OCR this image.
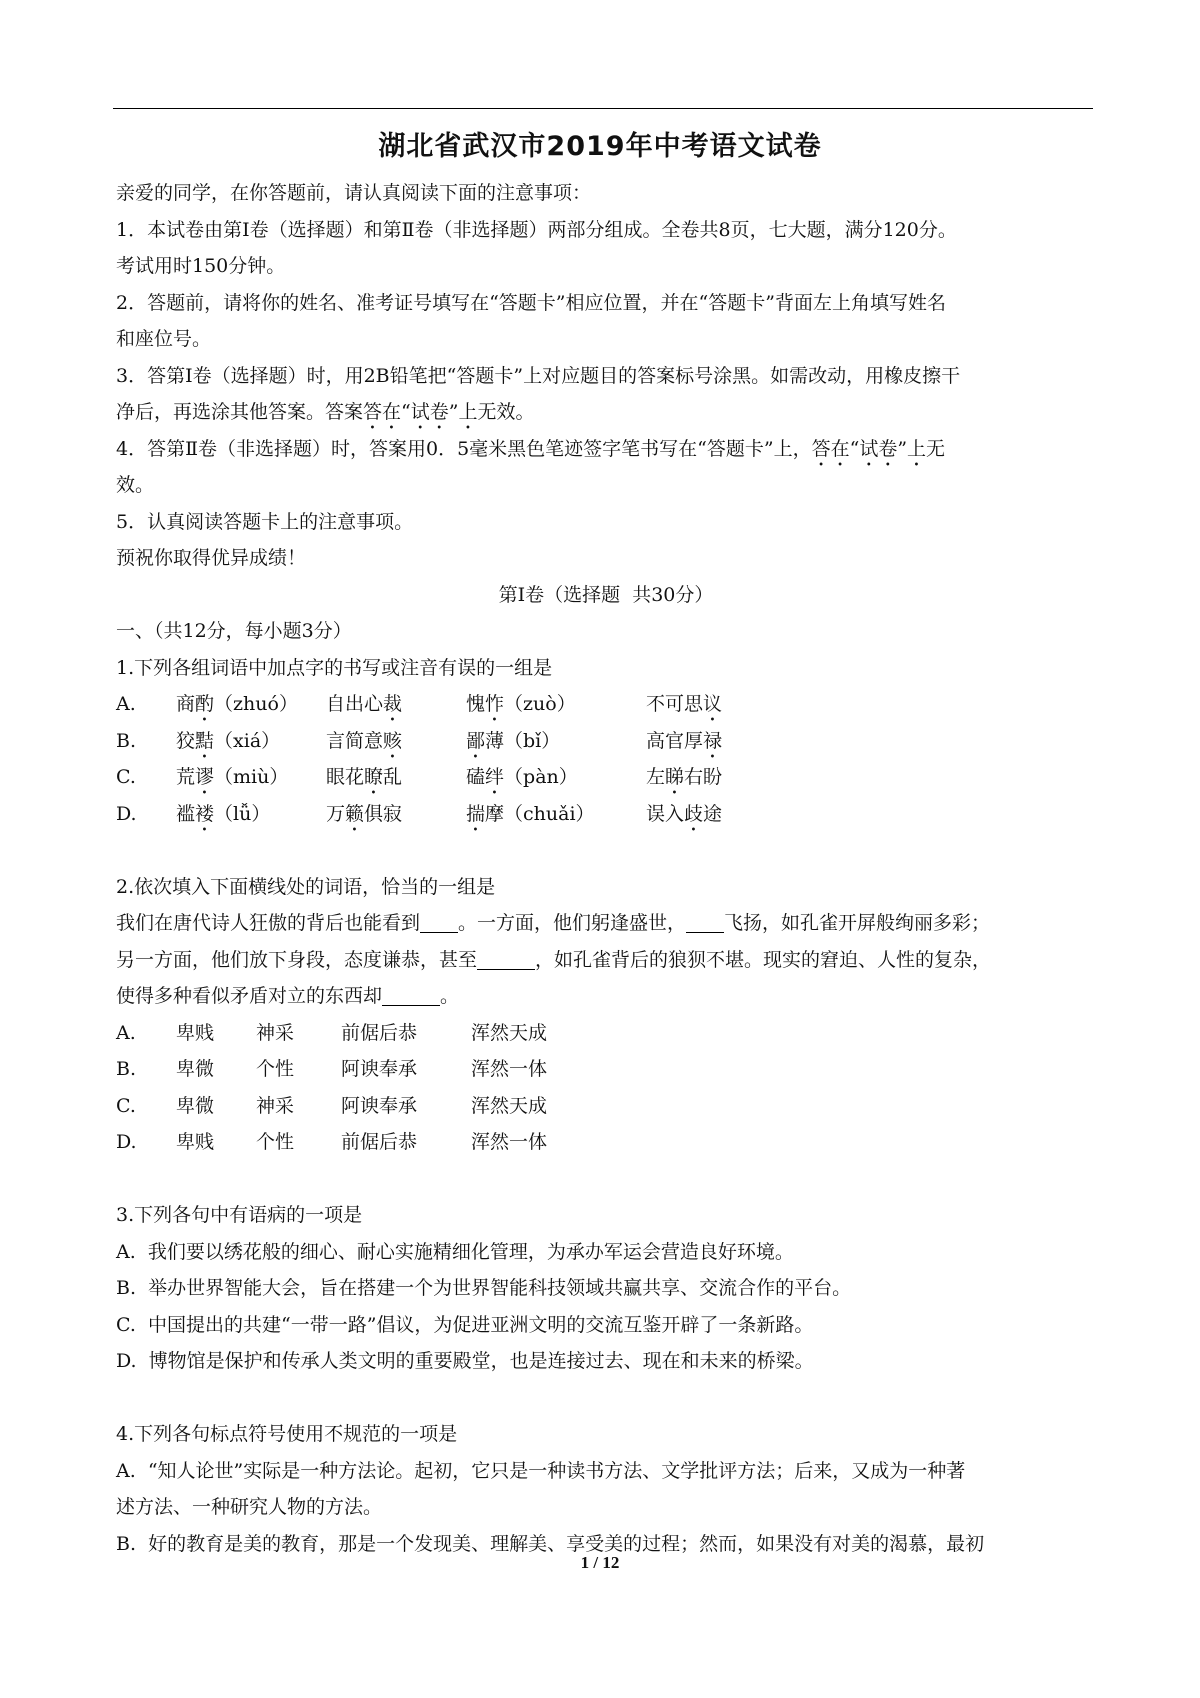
湖北省武汉市2019年中考语文试卷
亲爱的同学，在你答题前，请认真阅读下面的注意事项：
1．本试卷由第Ⅰ卷（选择题）和第Ⅱ卷（非选择题）两部分组成。全卷共8页，七大题，满分120分。
考试用时150分钟。
2．答题前，请将你的姓名、准考证号填写在“答题卡”相应位置，并在“答题卡”背面左上角填写姓名
和座位号。
3．答第Ⅰ卷（选择题）时，用2B铅笔把“答题卡”上对应题目的答案标号涂黑。如需改动，用橡皮擦干
净后，再选涂其他答案。答案答在“试卷”上无效。
4．答第Ⅱ卷（非选择题）时，答案用0．5毫米黑色笔迹签字笔书写在“答题卡”上，答在“试卷”上无
效。
5．认真阅读答题卡上的注意事项。
预祝你取得优异成绩！
第Ⅰ卷（选择题  共30分）
一、（共12分，每小题3分）
1.下列各组词语中加点字的书写或注音有误的一组是
A.	商酌（zhuó）	自出心裁	愧怍（zuò）	不可思议
B.	狡黠（xiá）	言简意赅	鄙薄（bǐ）	高官厚禄
C.	荒谬（miù）	眼花瞭乱	磕绊（pàn）	左睇右盼
D.	褴褛（lǚ）	万籁俱寂	揣摩（chuǎi）	误入歧途
2.依次填入下面横线处的词语，恰当的一组是
我们在唐代诗人狂傲的背后也能看到 。一方面，他们躬逢盛世， 飞扬，如孔雀开屏般绚丽多彩；
另一方面，他们放下身段，态度谦恭，甚至	，如孔雀背后的狼狈不堪。现实的窘迫、人性的复杂，
使得多种看似矛盾对立的东西却	。
A.	卑贱	神采	前倨后恭	浑然天成
B.	卑微	个性	阿谀奉承	浑然一体
C.	卑微	神采	阿谀奉承	浑然天成
D.	卑贱	个性	前倨后恭	浑然一体
3.下列各句中有语病的一项是
A.  我们要以绣花般的细心、耐心实施精细化管理，为承办军运会营造良好环境。
B.  举办世界智能大会，旨在搭建一个为世界智能科技领域共赢共享、交流合作的平台。
C.  中国提出的共建“一带一路”倡议，为促进亚洲文明的交流互鉴开辟了一条新路。
D.  博物馆是保护和传承人类文明的重要殿堂，也是连接过去、现在和未来的桥梁。
4.下列各句标点符号使用不规范的一项是
A.  “知人论世”实际是一种方法论。起初，它只是一种读书方法、文学批评方法；后来，又成为一种著
述方法、一种研究人物的方法。
B.  好的教育是美的教育，那是一个发现美、理解美、享受美的过程；然而，如果没有对美的渴慕，最初
1 / 12
